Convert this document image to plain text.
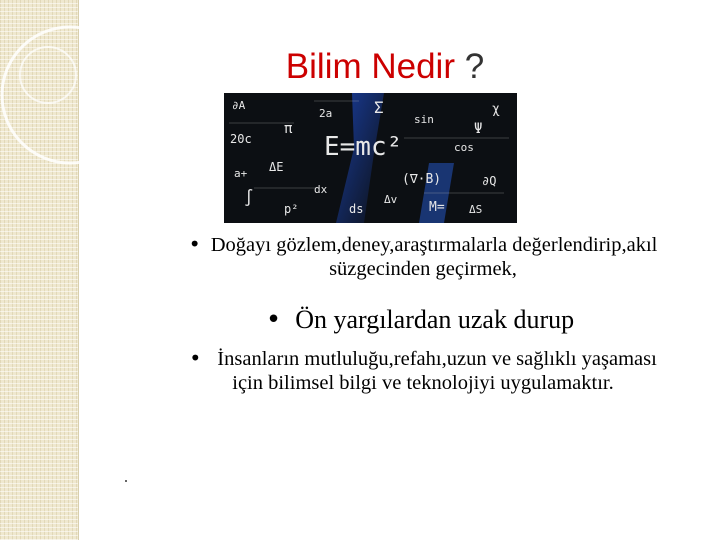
Bilim Nedir ?
E=mc²
∂A
(∇·B)
Σ
π	Ψ
∫
∂Q
sin
cos
M= ΔS
dx
ΔE
20c
2a
ds
Δv
a+
p²
χ
• Doğayı gözlem,deney,araştırmalarla değerlendirip,akıl
süzgecinden geçirmek,
• Ön yargılardan uzak durup
• İnsanların mutluluğu,refahı,uzun ve sağlıklı yaşaması
için bilimsel bilgi ve teknolojiyi uygulamaktır.
